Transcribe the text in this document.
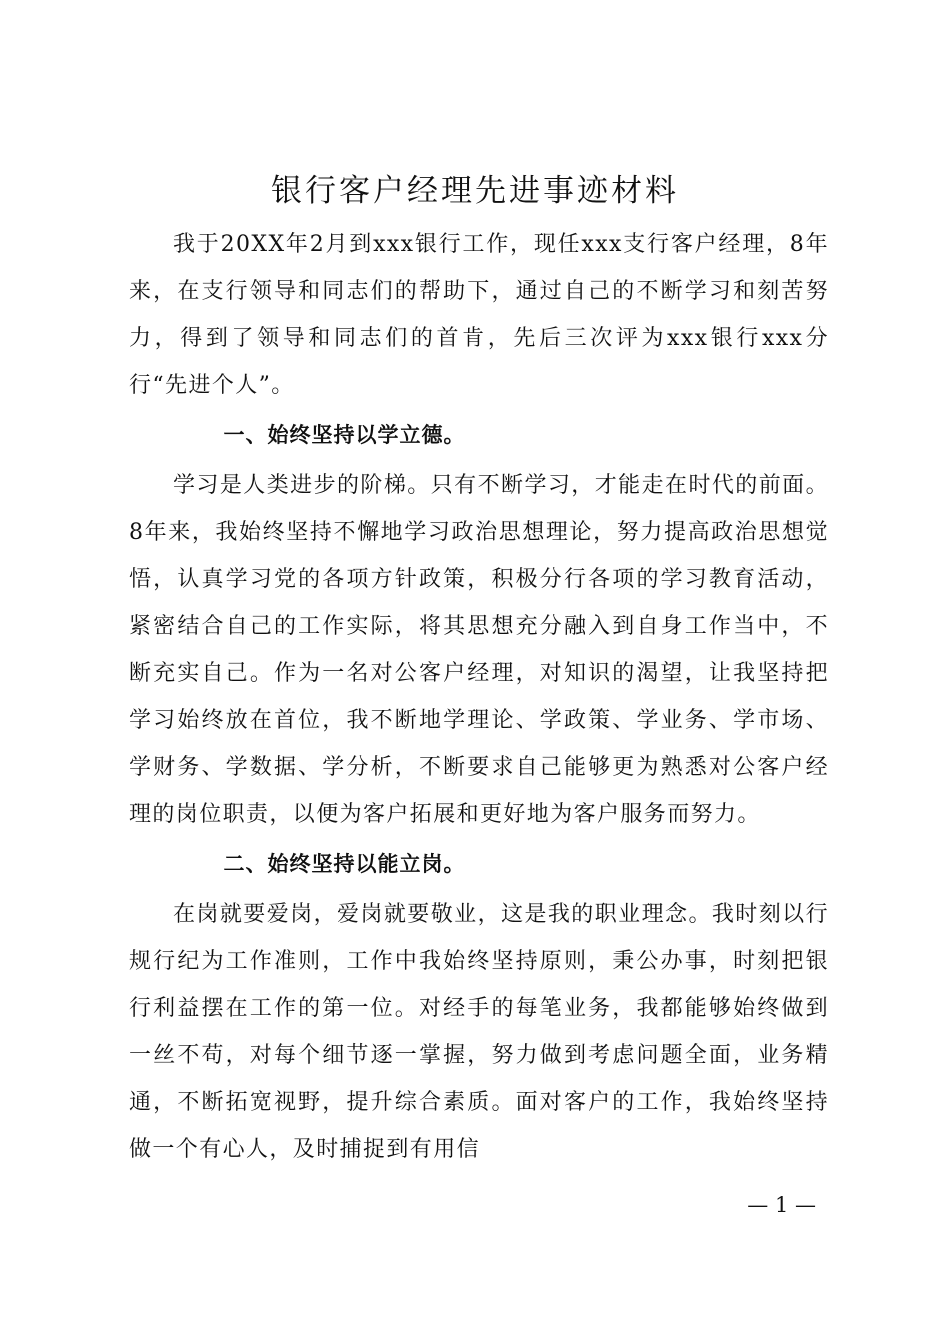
银行客户经理先进事迹材料

我于20XX年2月到xxx银行工作，现任xxx支行客户经理，8年来，在支行领导和同志们的帮助下，通过自己的不断学习和刻苦努力，得到了领导和同志们的首肯，先后三次评为xxx银行xxx分行“先进个人”。

一、始终坚持以学立德。

学习是人类进步的阶梯。只有不断学习，才能走在时代的前面。8年来，我始终坚持不懈地学习政治思想理论，努力提高政治思想觉悟，认真学习党的各项方针政策，积极分行各项的学习教育活动，紧密结合自己的工作实际，将其思想充分融入到自身工作当中，不断充实自己。作为一名对公客户经理，对知识的渴望，让我坚持把学习始终放在首位，我不断地学理论、学政策、学业务、学市场、学财务、学数据、学分析，不断要求自己能够更为熟悉对公客户经理的岗位职责，以便为客户拓展和更好地为客户服务而努力。

二、始终坚持以能立岗。

在岗就要爱岗，爱岗就要敬业，这是我的职业理念。我时刻以行规行纪为工作准则，工作中我始终坚持原则，秉公办事，时刻把银行利益摆在工作的第一位。对经手的每笔业务，我都能够始终做到一丝不苟，对每个细节逐一掌握，努力做到考虑问题全面，业务精通，不断拓宽视野，提升综合素质。面对客户的工作，我始终坚持做一个有心人，及时捕捉到有用信

— 1 —
